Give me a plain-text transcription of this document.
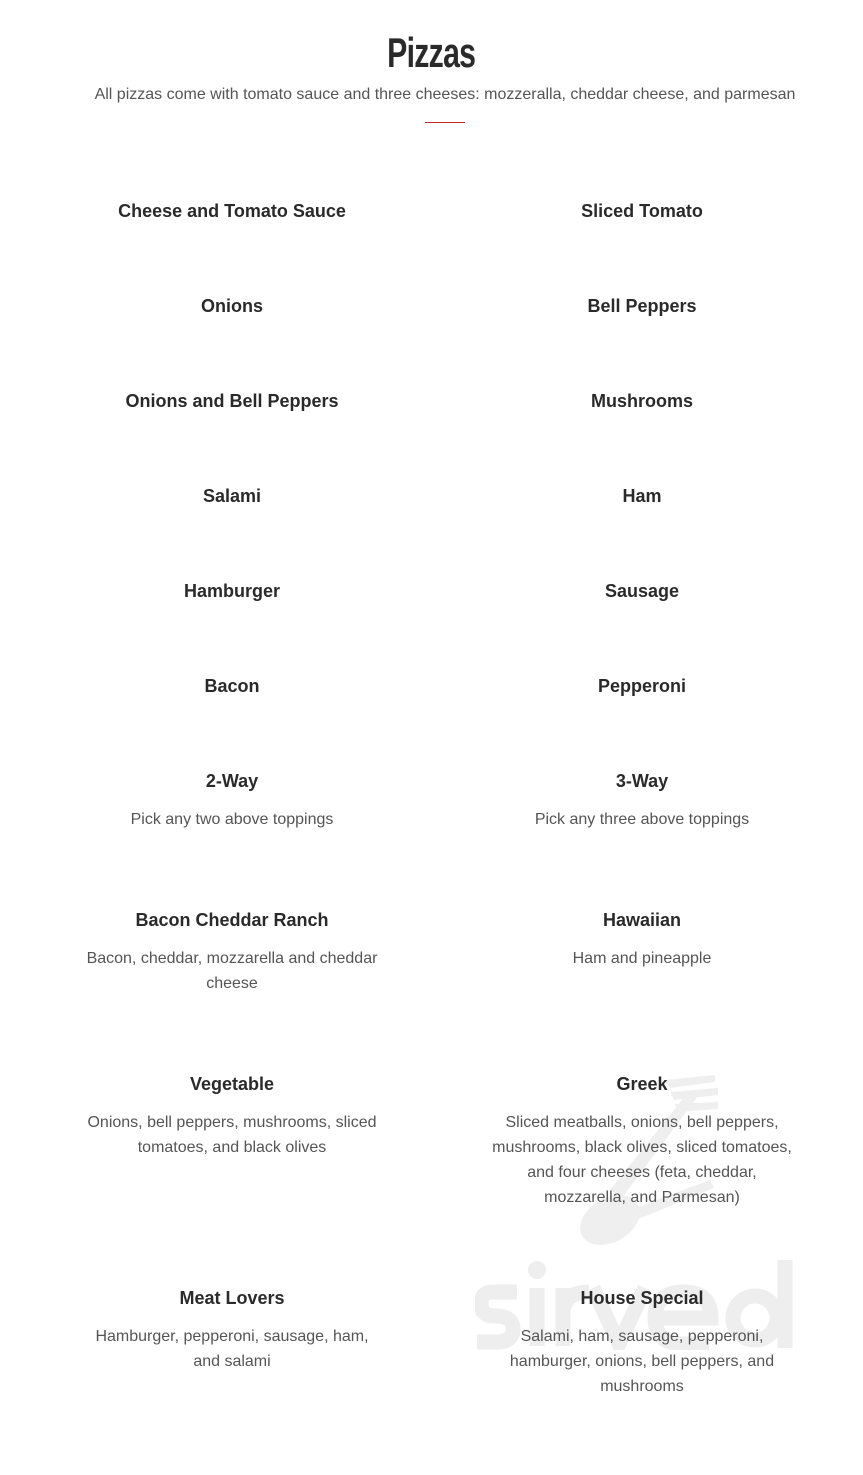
Pizzas
All pizzas come with tomato sauce and three cheeses: mozzeralla, cheddar cheese, and parmesan
Cheese and Tomato Sauce	Sliced Tomato
Onions	Bell Peppers
Onions and Bell Peppers	Mushrooms
Salami	Ham
Hamburger	Sausage
Bacon	Pepperoni
2-Way
Pick any two above toppings
3-Way
Pick any three above toppings
Bacon Cheddar Ranch
Bacon, cheddar, mozzarella and cheddar cheese
Hawaiian
Ham and pineapple
Vegetable
Onions, bell peppers, mushrooms, sliced tomatoes, and black olives
Greek
Sliced meatballs, onions, bell peppers, mushrooms, black olives, sliced tomatoes, and four cheeses (feta, cheddar, mozzarella, and Parmesan)
Meat Lovers
Hamburger, pepperoni, sausage, ham, and salami
House Special
Salami, ham, sausage, pepperoni, hamburger, onions, bell peppers, and mushrooms
